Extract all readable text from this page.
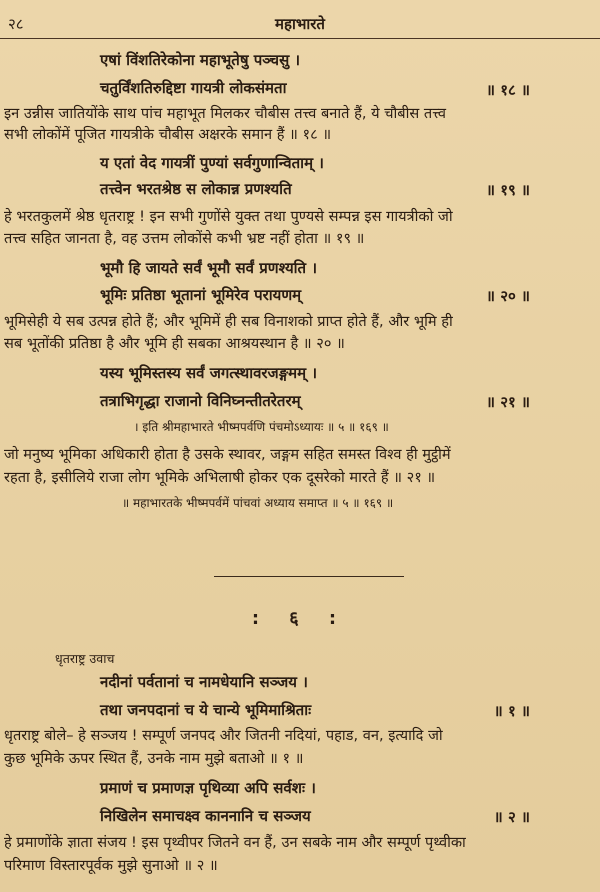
२८	महाभारते
एषां विंशतिरेकोना महाभूतेषु पञ्चसु ।
चतुर्विंशतिरुद्दिष्टा गायत्री लोकसंमता	॥ १८ ॥
इन उन्नीस जातियोंके साथ पांच महाभूत मिलकर चौबीस तत्त्व बनाते हैं, ये चौबीस तत्त्व
सभी लोकोंमें पूजित गायत्रीके चौबीस अक्षरके समान हैं ॥ १८ ॥
य एतां वेद गायत्रीं पुण्यां सर्वगुणान्विताम् ।
तत्त्वेन भरतश्रेष्ठ स लोकान्न प्रणश्यति	॥ १९ ॥
हे भरतकुलमें श्रेष्ठ धृतराष्ट्र ! इन सभी गुणोंसे युक्त तथा पुण्यसे सम्पन्न इस गायत्रीको जो
तत्त्व सहित जानता है, वह उत्तम लोकोंसे कभी भ्रष्ट नहीं होता ॥ १९ ॥
भूमौ हि जायते सर्वं भूमौ सर्वं प्रणश्यति ।
भूमिः प्रतिष्ठा भूतानां भूमिरेव परायणम्	॥ २० ॥
भूमिसेही ये सब उत्पन्न होते हैं; और भूमिमें ही सब विनाशको प्राप्त होते हैं, और भूमि ही
सब भूतोंकी प्रतिष्ठा है और भूमि ही सबका आश्रयस्थान है ॥ २० ॥
यस्य भूमिस्तस्य सर्वं जगत्स्थावरजङ्गमम् ।
तत्राभिगृद्धा राजानो विनिघ्नन्तीतरेतरम्	॥ २१ ॥
। इति श्रीमहाभारते भीष्मपर्वणि पंचमोऽध्यायः ॥ ५ ॥ १६९ ॥
जो मनुष्य भूमिका अधिकारी होता है उसके स्थावर, जङ्गम सहित समस्त विश्व ही मुट्ठीमें
रहता है, इसीलिये राजा लोग भूमिके अभिलाषी होकर एक दूसरेको मारते हैं ॥ २१ ॥
॥ महाभारतके भीष्मपर्वमें पांचवां अध्याय समाप्त ॥ ५ ॥ १६९ ॥
: ६ :
धृतराष्ट्र उवाच
नदीनां पर्वतानां च नामधेयानि सञ्जय ।
तथा जनपदानां च ये चान्ये भूमिमाश्रिताः	॥ १ ॥
धृतराष्ट्र बोले– हे सञ्जय ! सम्पूर्ण जनपद और जितनी नदियां, पहाड, वन, इत्यादि जो
कुछ भूमिके ऊपर स्थित हैं, उनके नाम मुझे बताओ ॥ १ ॥
प्रमाणं च प्रमाणज्ञ पृथिव्या अपि सर्वशः ।
निखिलेन समाचक्ष्व काननानि च सञ्जय	॥ २ ॥
हे प्रमाणोंके ज्ञाता संजय ! इस पृथ्वीपर जितने वन हैं, उन सबके नाम और सम्पूर्ण पृथ्वीका
परिमाण विस्तारपूर्वक मुझे सुनाओ ॥ २ ॥
